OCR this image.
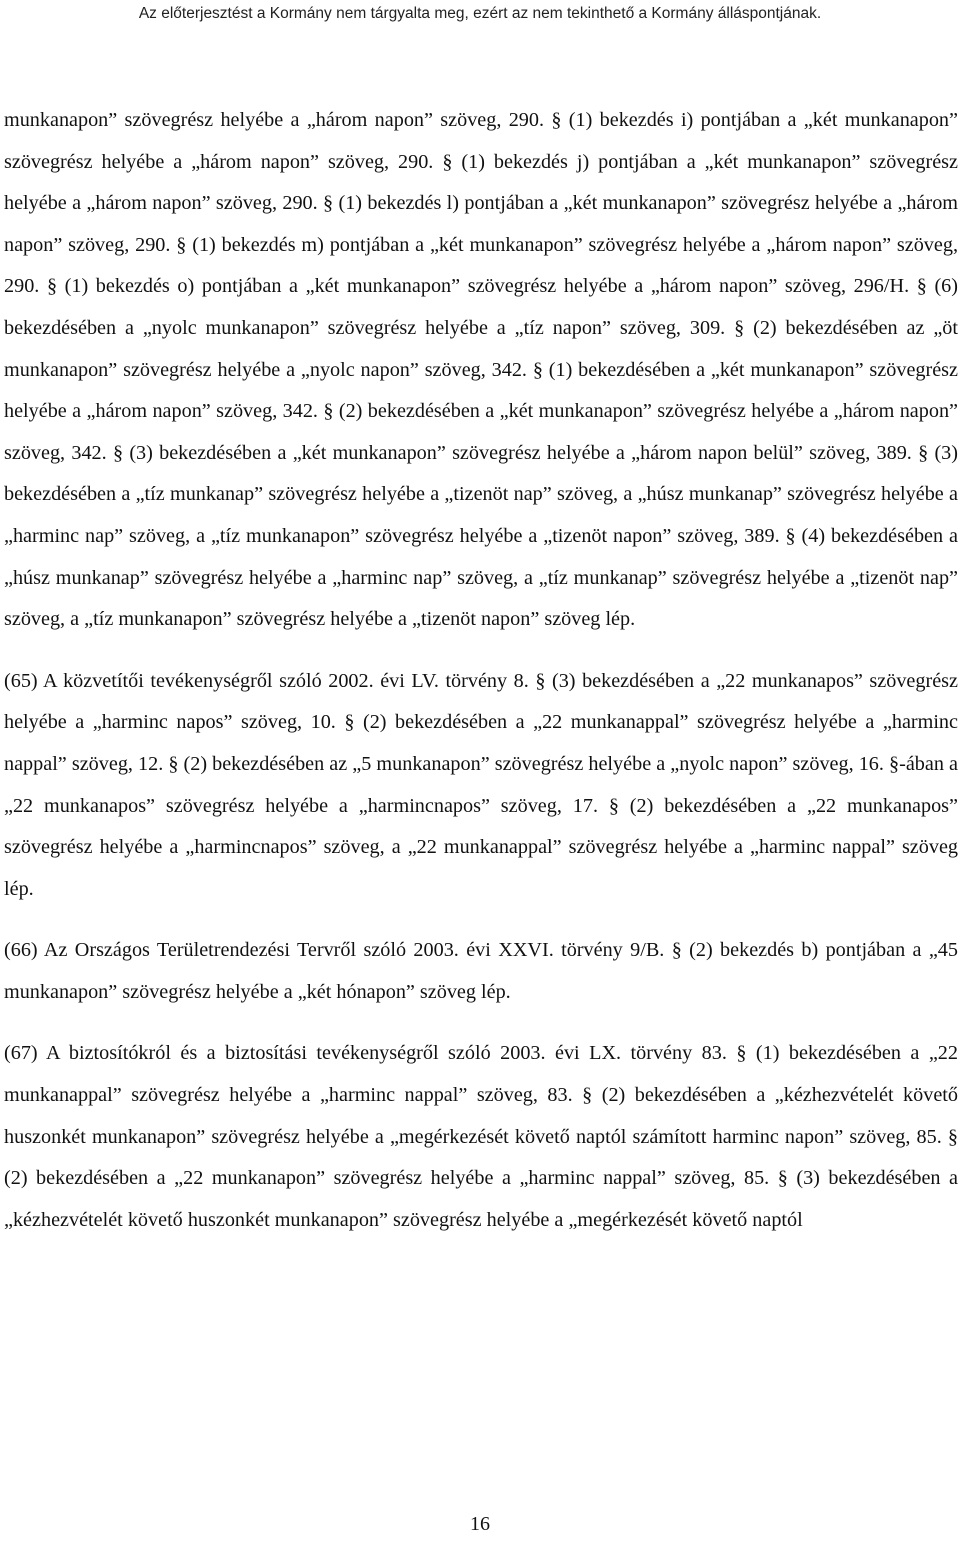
Az előterjesztést a Kormány nem tárgyalta meg, ezért az nem tekinthető a Kormány álláspontjának.

munkanapon” szövegrész helyébe a „három napon” szöveg, 290. § (1) bekezdés i) pontjában a „két munkanapon” szövegrész helyébe a „három napon” szöveg, 290. § (1) bekezdés j) pontjában a „két munkanapon” szövegrész helyébe a „három napon” szöveg, 290. § (1) bekezdés l) pontjában a „két munkanapon” szövegrész helyébe a „három napon” szöveg, 290. § (1) bekezdés m) pontjában a „két munkanapon” szövegrész helyébe a „három napon” szöveg, 290. § (1) bekezdés o) pontjában a „két munkanapon” szövegrész helyébe a „három napon” szöveg, 296/H. § (6) bekezdésében a „nyolc munkanapon” szövegrész helyébe a „tíz napon” szöveg, 309. § (2) bekezdésében az „öt munkanapon” szövegrész helyébe a „nyolc napon” szöveg, 342. § (1) bekezdésében a „két munkanapon” szövegrész helyébe a „három napon” szöveg, 342. § (2) bekezdésében a „két munkanapon” szövegrész helyébe a „három napon” szöveg, 342. § (3) bekezdésében a „két munkanapon” szövegrész helyébe a „három napon belül” szöveg, 389. § (3) bekezdésében a „tíz munkanap” szövegrész helyébe a „tizenöt nap” szöveg, a „húsz munkanap” szövegrész helyébe a „harminc nap” szöveg, a „tíz munkanapon” szövegrész helyébe a „tizenöt napon” szöveg, 389. § (4) bekezdésében a „húsz munkanap” szövegrész helyébe a „harminc nap” szöveg, a „tíz munkanap” szövegrész helyébe a „tizenöt nap” szöveg, a „tíz munkanapon” szövegrész helyébe a „tizenöt napon” szöveg lép.

(65) A közvetítői tevékenységről szóló 2002. évi LV. törvény 8. § (3) bekezdésében a „22 munkanapos” szövegrész helyébe a „harminc napos” szöveg, 10. § (2) bekezdésében a „22 munkanappal” szövegrész helyébe a „harminc nappal” szöveg, 12. § (2) bekezdésében az „5 munkanapon” szövegrész helyébe a „nyolc napon” szöveg, 16. §-ában a „22 munkanapos” szövegrész helyébe a „harmincnapos” szöveg, 17. § (2) bekezdésében a „22 munkanapos” szövegrész helyébe a „harmincnapos” szöveg, a „22 munkanappal” szövegrész helyébe a „harminc nappal” szöveg lép.

(66) Az Országos Területrendezési Tervről szóló 2003. évi XXVI. törvény 9/B. § (2) bekezdés b) pontjában a „45 munkanapon” szövegrész helyébe a „két hónapon” szöveg lép.

(67) A biztosítókról és a biztosítási tevékenységről szóló 2003. évi LX. törvény 83. § (1) bekezdésében a „22 munkanappal” szövegrész helyébe a „harminc nappal” szöveg, 83. § (2) bekezdésében a „kézhezvételét követő huszonkét munkanapon” szövegrész helyébe a „megérkezését követő naptól számított harminc napon” szöveg, 85. § (2) bekezdésében a „22 munkanapon” szövegrész helyébe a „harminc nappal” szöveg, 85. § (3) bekezdésében a „kézhezvételét követő huszonkét munkanapon” szövegrész helyébe a „megérkezését követő naptól

16
